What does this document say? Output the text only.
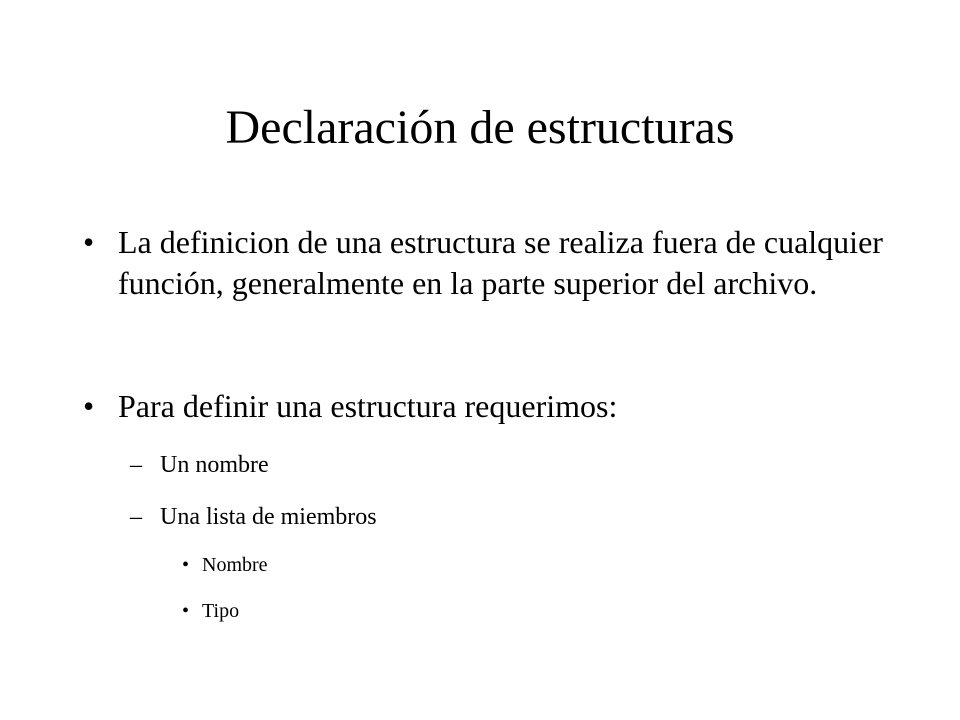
Declaración de estructuras
• La definicion de una estructura se realiza fuera de cualquier función, generalmente en la parte superior del archivo.
• Para definir una estructura requerimos:
– Un nombre
– Una lista de miembros
• Nombre
• Tipo
